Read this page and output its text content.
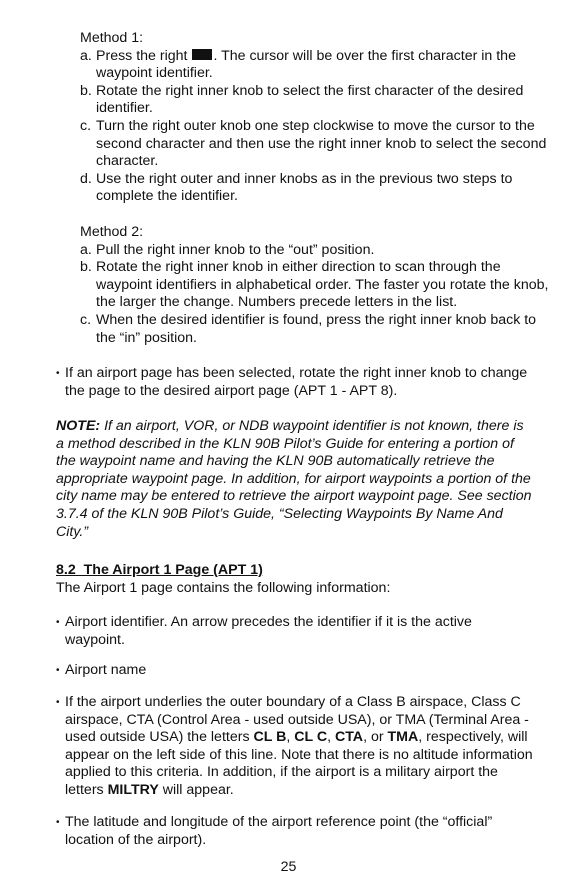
Method 1:

a. Press the right . The cursor will be over the first character in the waypoint identifier.
b. Rotate the right inner knob to select the first character of the desired identifier.
c. Turn the right outer knob one step clockwise to move the cursor to the second character and then use the right inner knob to select the second character.
d. Use the right outer and inner knobs as in the previous two steps to complete the identifier.

Method 2:

a. Pull the right inner knob to the “out” position.
b. Rotate the right inner knob in either direction to scan through the waypoint identifiers in alphabetical order. The faster you rotate the knob, the larger the change. Numbers precede letters in the list.
c. When the desired identifier is found, press the right inner knob back to the “in” position.
• If an airport page has been selected, rotate the right inner knob to change the page to the desired airport page (APT 1 - APT 8).
NOTE: If an airport, VOR, or NDB waypoint identifier is not known, there is a method described in the KLN 90B Pilot’s Guide for entering a portion of the waypoint name and having the KLN 90B automatically retrieve the appropriate waypoint page. In addition, for airport waypoints a portion of the city name may be entered to retrieve the airport waypoint page. See section 3.7.4 of the KLN 90B Pilot’s Guide, “Selecting Waypoints By Name And City.”
8.2  The Airport 1 Page (APT 1)
The Airport 1 page contains the following information:
• Airport identifier. An arrow precedes the identifier if it is the active waypoint.
• Airport name
• If the airport underlies the outer boundary of a Class B airspace, Class C airspace, CTA (Control Area - used outside USA), or TMA (Terminal Area - used outside USA) the letters CL B, CL C, CTA, or TMA, respectively, will appear on the left side of this line. Note that there is no altitude information applied to this criteria. In addition, if the airport is a military airport the letters MILTRY will appear.
• The latitude and longitude of the airport reference point (the “official” location of the airport).
25
